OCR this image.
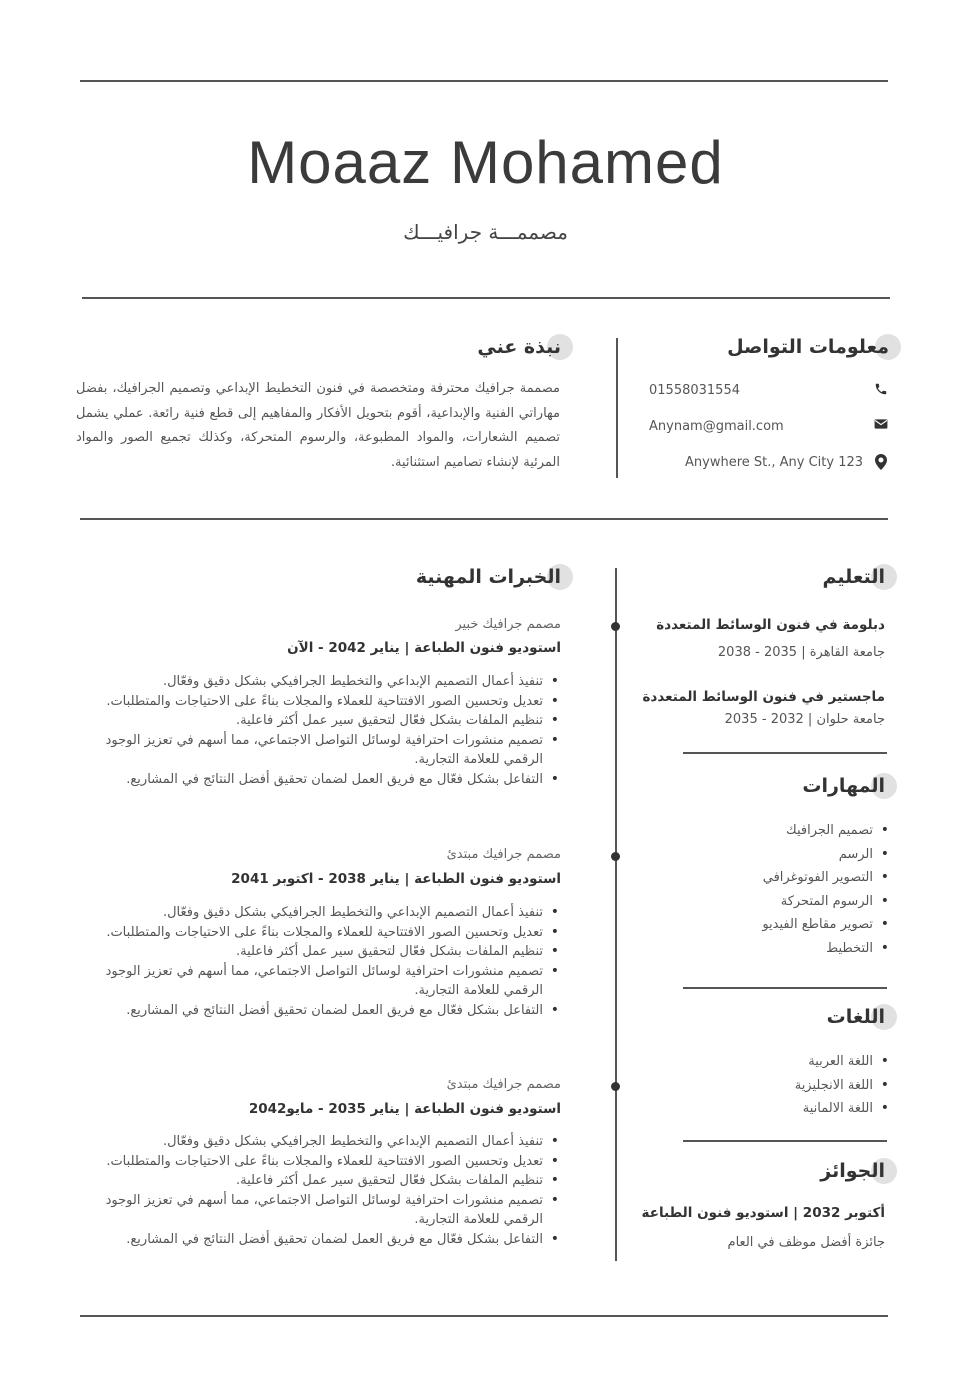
Moaaz Mohamed
مصممـــة جرافيـــك
معلومات التواصل
01558031554
Anynam@gmail.com
Anywhere St., Any City 123
نبذة عني
مصممة جرافيك محترفة ومتخصصة في فنون التخطيط الإبداعي وتصميم الجرافيك، بفضل مهاراتي الفنية والإبداعية، أقوم بتحويل الأفكار والمفاهيم إلى قطع فنية رائعة. عملي يشمل تصميم الشعارات، والمواد المطبوعة، والرسوم المتحركة، وكذلك تجميع الصور والمواد المرئية لإنشاء تصاميم استثنائية.
التعليم
دبلومة في فنون الوسائط المتعددة
جامعة القاهرة | 2035 - 2038
ماجستير في فنون الوسائط المتعددة
جامعة حلوان | 2032 - 2035
المهارات
• تصميم الجرافيك
• الرسم
• التصوير الفوتوغرافي
• الرسوم المتحركة
• تصوير مقاطع الفيديو
• التخطيط
اللغات
• اللغة العربية
• اللغة الانجليزية
• اللغة الالمانية
الجوائز
أكتوبر 2032 | استوديو فنون الطباعة
جائزة أفضل موظف في العام
الخبرات المهنية
مصمم جرافيك خبير
استوديو فنون الطباعة | يناير 2042 - الآن
• تنفيذ أعمال التصميم الإبداعي والتخطيط الجرافيكي بشكل دقيق وفعّال.
• تعديل وتحسين الصور الافتتاحية للعملاء والمجلات بناءً على الاحتياجات والمتطلبات.
• تنظيم الملفات بشكل فعّال لتحقيق سير عمل أكثر فاعلية.
• تصميم منشورات احترافية لوسائل التواصل الاجتماعي، مما أسهم في تعزيز الوجود الرقمي للعلامة التجارية.
• التفاعل بشكل فعّال مع فريق العمل لضمان تحقيق أفضل النتائج في المشاريع.
مصمم جرافيك مبتدئ
استوديو فنون الطباعة | يناير 2038 - اكتوبر 2041
• تنفيذ أعمال التصميم الإبداعي والتخطيط الجرافيكي بشكل دقيق وفعّال.
• تعديل وتحسين الصور الافتتاحية للعملاء والمجلات بناءً على الاحتياجات والمتطلبات.
• تنظيم الملفات بشكل فعّال لتحقيق سير عمل أكثر فاعلية.
• تصميم منشورات احترافية لوسائل التواصل الاجتماعي، مما أسهم في تعزيز الوجود الرقمي للعلامة التجارية.
• التفاعل بشكل فعّال مع فريق العمل لضمان تحقيق أفضل النتائج في المشاريع.
مصمم جرافيك مبتدئ
استوديو فنون الطباعة | يناير 2035 - مايو2042
• تنفيذ أعمال التصميم الإبداعي والتخطيط الجرافيكي بشكل دقيق وفعّال.
• تعديل وتحسين الصور الافتتاحية للعملاء والمجلات بناءً على الاحتياجات والمتطلبات.
• تنظيم الملفات بشكل فعّال لتحقيق سير عمل أكثر فاعلية.
• تصميم منشورات احترافية لوسائل التواصل الاجتماعي، مما أسهم في تعزيز الوجود الرقمي للعلامة التجارية.
• التفاعل بشكل فعّال مع فريق العمل لضمان تحقيق أفضل النتائج في المشاريع.
